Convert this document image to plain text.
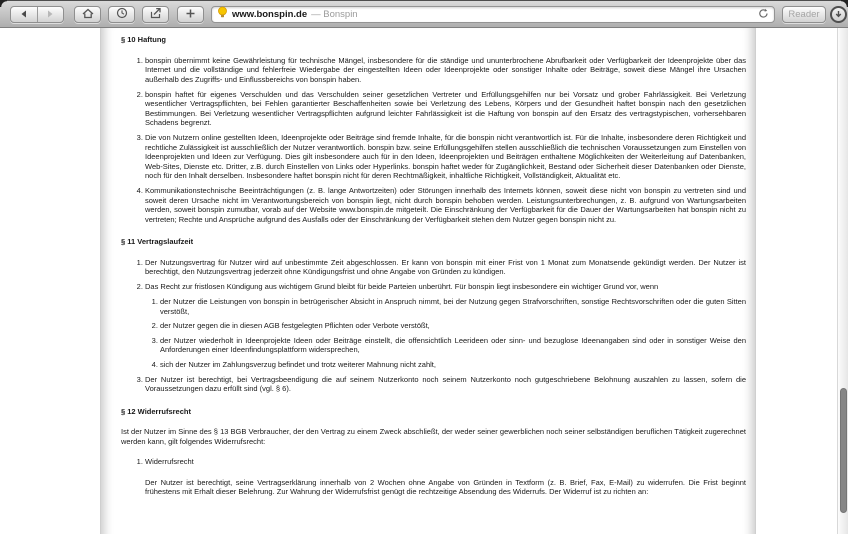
www.bonspin.de — Bonspin	Reader
§ 10 Haftung
1. bonspin übernimmt keine Gewährleistung für technische Mängel, insbesondere für die ständige und ununterbrochene Abrufbarkeit oder Verfügbarkeit der Ideenprojekte über das Internet und die vollständige und fehlerfreie Wiedergabe der eingestellten Ideen oder Ideenprojekte oder sonstiger Inhalte oder Beiträge, soweit diese Mängel ihre Ursachen außerhalb des Zugriffs- und Einflussbereichs von bonspin haben.
2. bonspin haftet für eigenes Verschulden und das Verschulden seiner gesetzlichen Vertreter und Erfüllungsgehilfen nur bei Vorsatz und grober Fahrlässigkeit. Bei Verletzung wesentlicher Vertragspflichten, bei Fehlen garantierter Beschaffenheiten sowie bei Verletzung des Lebens, Körpers und der Gesundheit haftet bonspin nach den gesetzlichen Bestimmungen. Bei Verletzung wesentlicher Vertragspflichten aufgrund leichter Fahrlässigkeit ist die Haftung von bonspin auf den Ersatz des vertragstypischen, vorhersehbaren Schadens begrenzt.
3. Die von Nutzern online gestellten Ideen, Ideenprojekte oder Beiträge sind fremde Inhalte, für die bonspin nicht verantwortlich ist. Für die Inhalte, insbesondere deren Richtigkeit und rechtliche Zulässigkeit ist ausschließlich der Nutzer verantwortlich. bonspin bzw. seine Erfüllungsgehilfen stellen ausschließlich die technischen Voraussetzungen zum Einstellen von Ideenprojekten und Ideen zur Verfügung. Dies gilt insbesondere auch für in den Ideen, Ideenprojekten und Beiträgen enthaltene Möglichkeiten der Weiterleitung auf Datenbanken, Web-Sites, Dienste etc. Dritter, z.B. durch Einstellen von Links oder Hyperlinks. bonspin haftet weder für Zugänglichkeit, Bestand oder Sicherheit dieser Datenbanken oder Dienste, noch für den Inhalt derselben. Insbesondere haftet bonspin nicht für deren Rechtmäßigkeit, inhaltliche Richtigkeit, Vollständigkeit, Aktualität etc.
4. Kommunikationstechnische Beeinträchtigungen (z. B. lange Antwortzeiten) oder Störungen innerhalb des Internets können, soweit diese nicht von bonspin zu vertreten sind und soweit deren Ursache nicht im Verantwortungsbereich von bonspin liegt, nicht durch bonspin behoben werden. Leistungsunterbrechungen, z. B. aufgrund von Wartungsarbeiten werden, soweit bonspin zumutbar, vorab auf der Website www.bonspin.de mitgeteilt. Die Einschränkung der Verfügbarkeit für die Dauer der Wartungsarbeiten hat bonspin nicht zu vertreten; Rechte und Ansprüche aufgrund des Ausfalls oder der Einschränkung der Verfügbarkeit stehen dem Nutzer gegen bonspin nicht zu.
§ 11 Vertragslaufzeit
1. Der Nutzungsvertrag für Nutzer wird auf unbestimmte Zeit abgeschlossen. Er kann von bonspin mit einer Frist von 1 Monat zum Monatsende gekündigt werden. Der Nutzer ist berechtigt, den Nutzungsvertrag jederzeit ohne Kündigungsfrist und ohne Angabe von Gründen zu kündigen.
2. Das Recht zur fristlosen Kündigung aus wichtigem Grund bleibt für beide Parteien unberührt. Für bonspin liegt insbesondere ein wichtiger Grund vor, wenn
1. der Nutzer die Leistungen von bonspin in betrügerischer Absicht in Anspruch nimmt, bei der Nutzung gegen Strafvorschriften, sonstige Rechtsvorschriften oder die guten Sitten verstößt,
2. der Nutzer gegen die in diesen AGB festgelegten Pflichten oder Verbote verstößt,
3. der Nutzer wiederholt in Ideenprojekte Ideen oder Beiträge einstellt, die offensichtlich Leerideen oder sinn- und bezuglose Ideenangaben sind oder in sonstiger Weise den Anforderungen einer Ideenfindungsplattform widersprechen,
4. sich der Nutzer im Zahlungsverzug befindet und trotz weiterer Mahnung nicht zahlt,
3. Der Nutzer ist berechtigt, bei Vertragsbeendigung die auf seinem Nutzerkonto noch seinem Nutzerkonto noch gutgeschriebene Belohnung auszahlen zu lassen, sofern die Voraussetzungen dazu erfüllt sind (vgl. § 6).
§ 12 Widerrufsrecht

Ist der Nutzer im Sinne des § 13 BGB Verbraucher, der den Vertrag zu einem Zweck abschließt, der weder seiner gewerblichen noch seiner selbständigen beruflichen Tätigkeit zugerechnet werden kann, gilt folgendes Widerrufsrecht:

1. Widerrufsrecht

Der Nutzer ist berechtigt, seine Vertragserklärung innerhalb von 2 Wochen ohne Angabe von Gründen in Textform (z. B. Brief, Fax, E-Mail) zu widerrufen. Die Frist beginnt frühestens mit Erhalt dieser Belehrung. Zur Wahrung der Widerrufsfrist genügt die rechtzeitige Absendung des Widerrufs. Der Widerruf ist zu richten an:
